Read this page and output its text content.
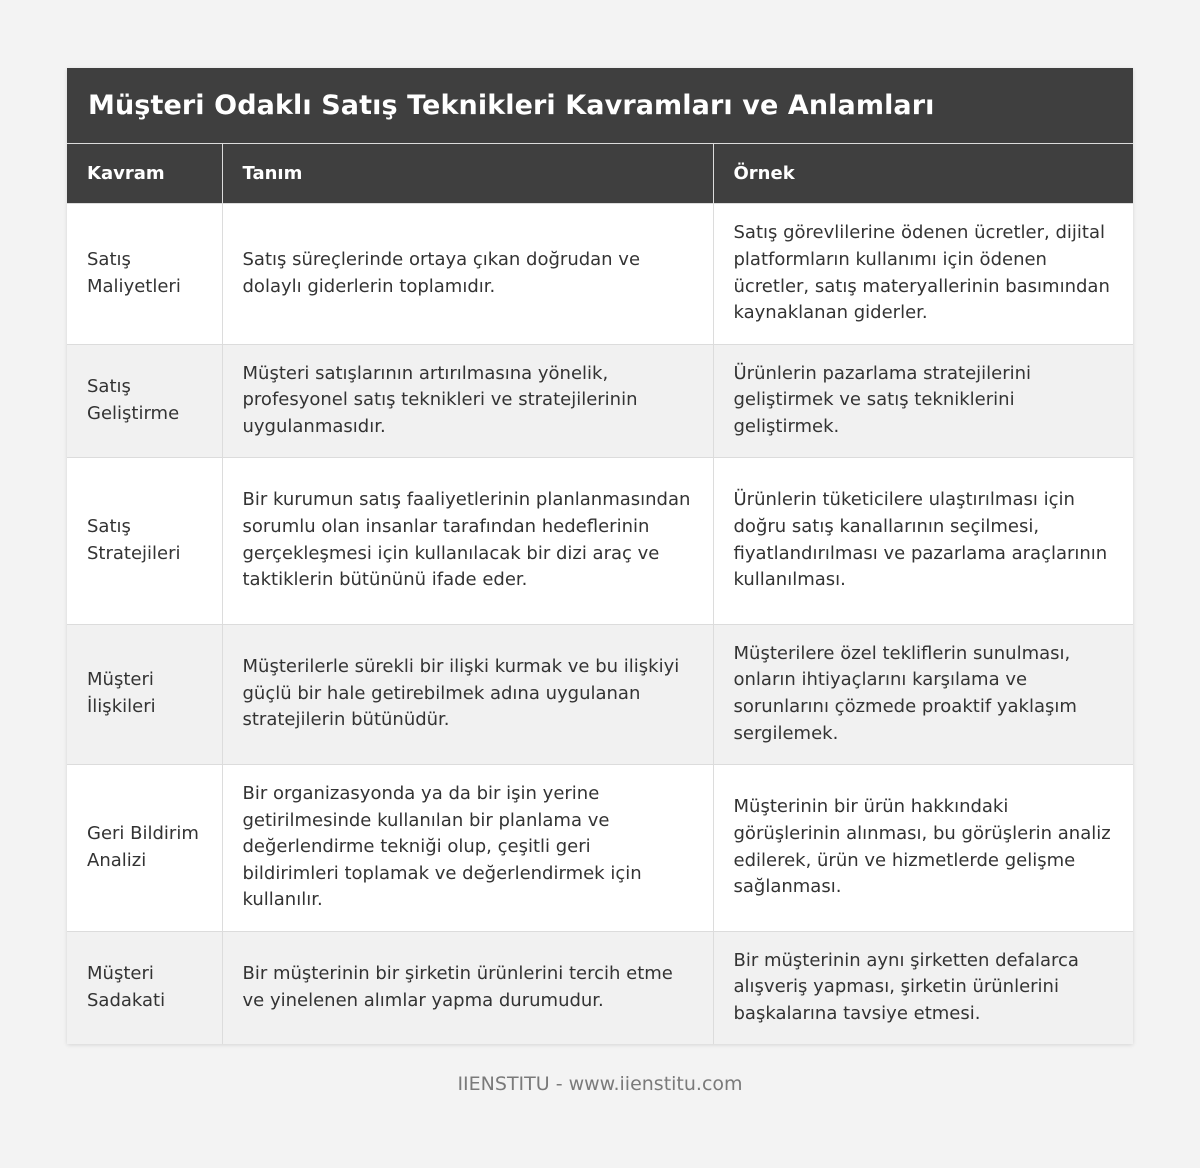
Müşteri Odaklı Satış Teknikleri Kavramları ve Anlamları
Kavram	Tanım	Örnek
Satış Maliyetleri	Satış süreçlerinde ortaya çıkan doğrudan ve dolaylı giderlerin toplamıdır.	Satış görevlilerine ödenen ücretler, dijital platformların kullanımı için ödenen ücretler, satış materyallerinin basımından kaynaklanan giderler.
Satış Geliştirme	Müşteri satışlarının artırılmasına yönelik, profesyonel satış teknikleri ve stratejilerinin uygulanmasıdır.	Ürünlerin pazarlama stratejilerini geliştirmek ve satış tekniklerini geliştirmek.
Satış Stratejileri	Bir kurumun satış faaliyetlerinin planlanmasından sorumlu olan insanlar tarafından hedeflerinin gerçekleşmesi için kullanılacak bir dizi araç ve taktiklerin bütününü ifade eder.	Ürünlerin tüketicilere ulaştırılması için doğru satış kanallarının seçilmesi, fiyatlandırılması ve pazarlama araçlarının kullanılması.
Müşteri İlişkileri	Müşterilerle sürekli bir ilişki kurmak ve bu ilişkiyi güçlü bir hale getirebilmek adına uygulanan stratejilerin bütünüdür.	Müşterilere özel tekliflerin sunulması, onların ihtiyaçlarını karşılama ve sorunlarını çözmede proaktif yaklaşım sergilemek.
Geri Bildirim Analizi	Bir organizasyonda ya da bir işin yerine getirilmesinde kullanılan bir planlama ve değerlendirme tekniği olup, çeşitli geri bildirimleri toplamak ve değerlendirmek için kullanılır.	Müşterinin bir ürün hakkındaki görüşlerinin alınması, bu görüşlerin analiz edilerek, ürün ve hizmetlerde gelişme sağlanması.
Müşteri Sadakati	Bir müşterinin bir şirketin ürünlerini tercih etme ve yinelenen alımlar yapma durumudur.	Bir müşterinin aynı şirketten defalarca alışveriş yapması, şirketin ürünlerini başkalarına tavsiye etmesi.
IIENSTITU - www.iienstitu.com
